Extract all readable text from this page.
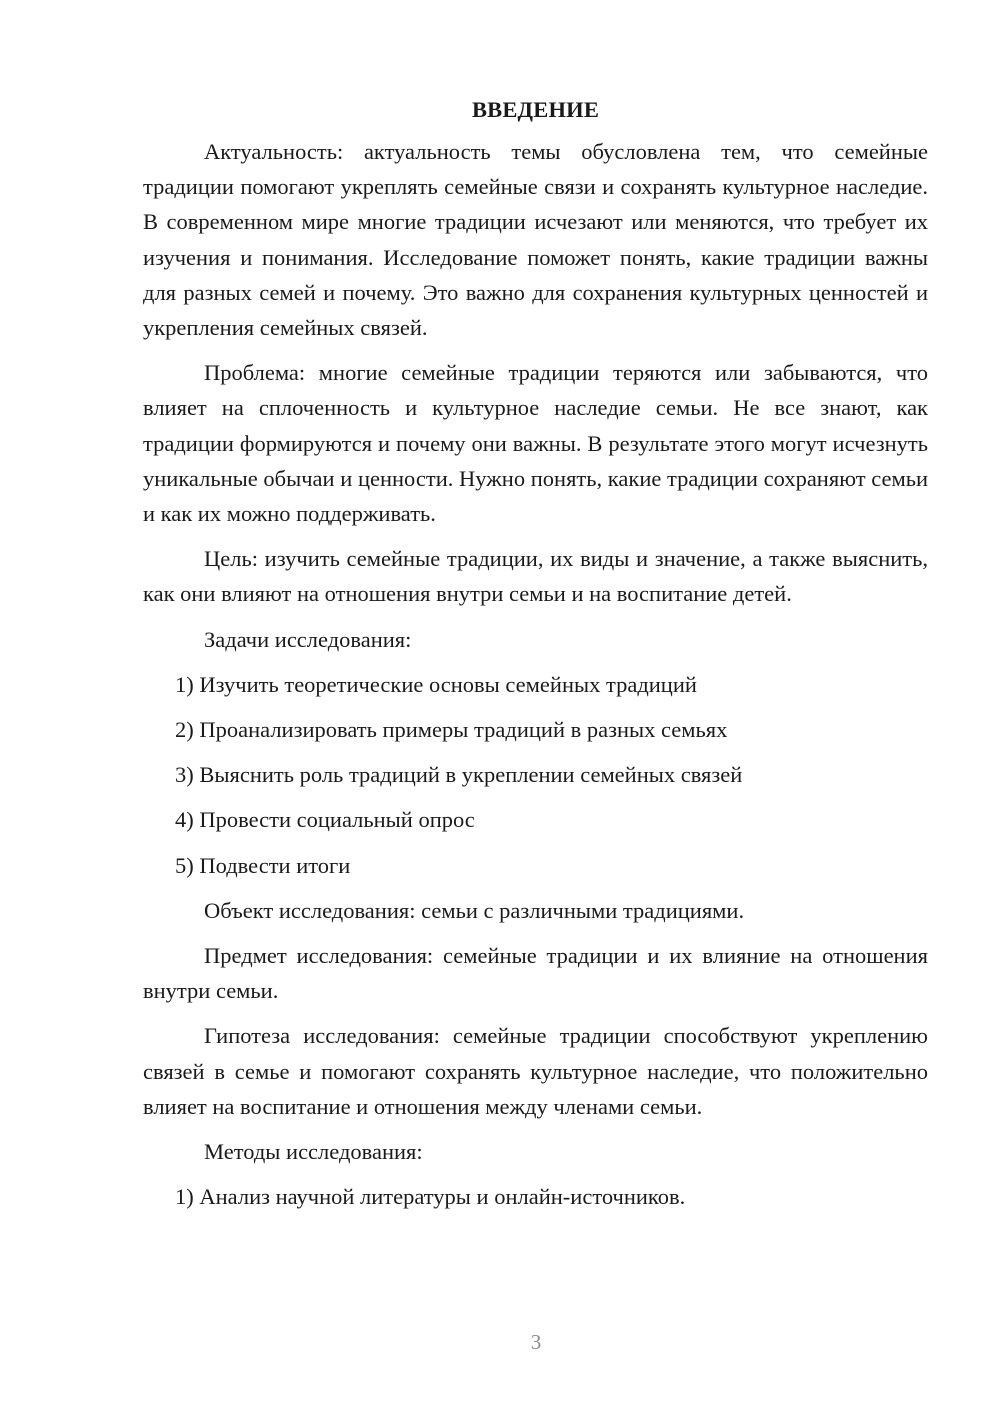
ВВЕДЕНИЕ
Актуальность: актуальность темы обусловлена тем, что семейные традиции помогают укреплять семейные связи и сохранять культурное наследие. В современном мире многие традиции исчезают или меняются, что требует их изучения и понимания. Исследование поможет понять, какие традиции важны для разных семей и почему. Это важно для сохранения культурных ценностей и укрепления семейных связей.
Проблема: многие семейные традиции теряются или забываются, что влияет на сплоченность и культурное наследие семьи. Не все знают, как традиции формируются и почему они важны. В результате этого могут исчезнуть уникальные обычаи и ценности. Нужно понять, какие традиции сохраняют семьи и как их можно поддерживать.
Цель: изучить семейные традиции, их виды и значение, а также выяснить, как они влияют на отношения внутри семьи и на воспитание детей.
Задачи исследования:
1) Изучить теоретические основы семейных традиций
2) Проанализировать примеры традиций в разных семьях
3) Выяснить роль традиций в укреплении семейных связей
4) Провести социальный опрос
5) Подвести итоги
Объект исследования: семьи с различными традициями.
Предмет исследования: семейные традиции и их влияние на отношения внутри семьи.
Гипотеза исследования: семейные традиции способствуют укреплению связей в семье и помогают сохранять культурное наследие, что положительно влияет на воспитание и отношения между членами семьи.
Методы исследования:
1) Анализ научной литературы и онлайн-источников.
3
